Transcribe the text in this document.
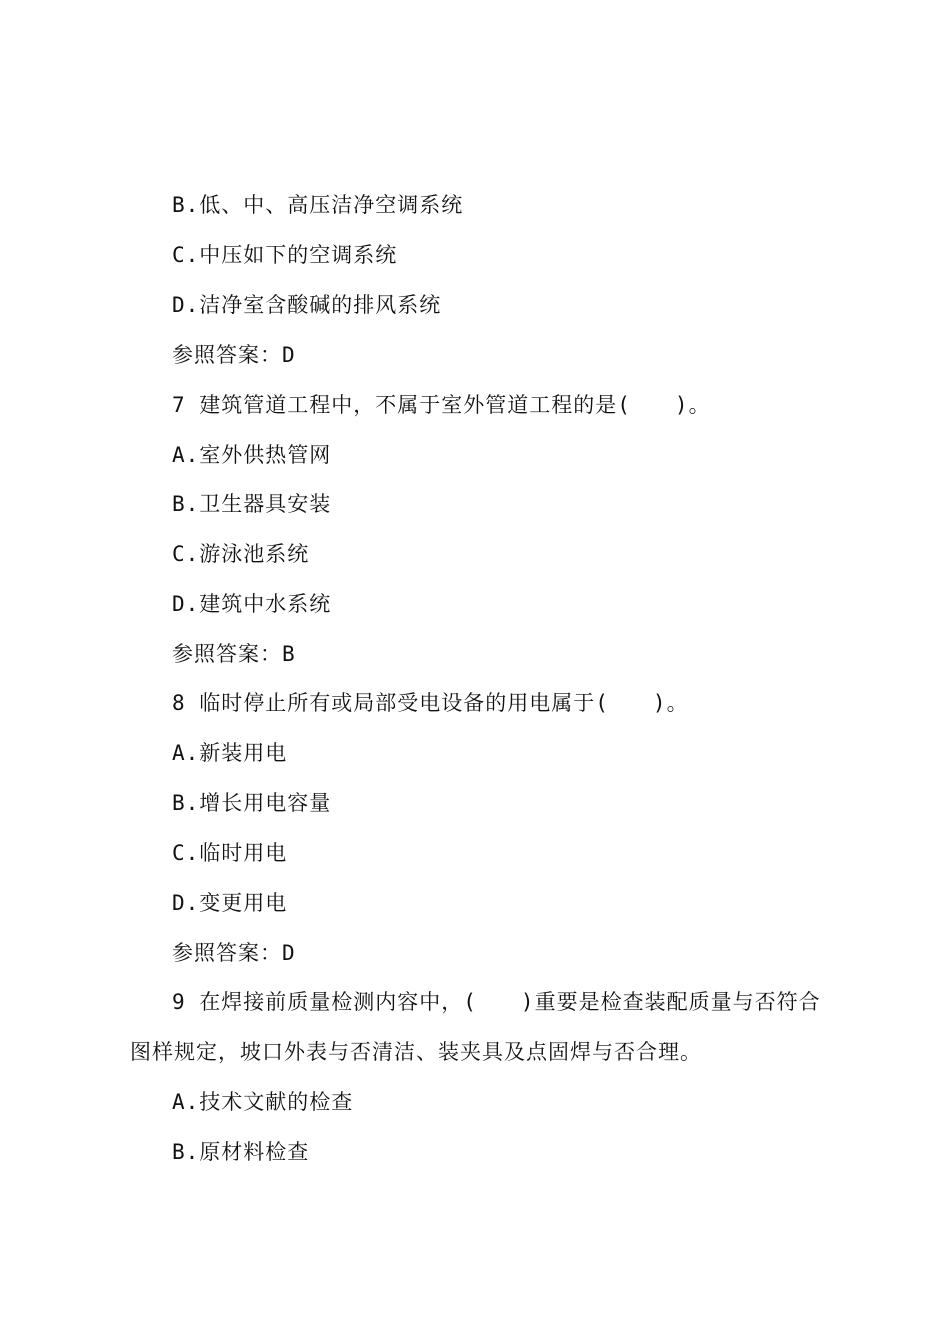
B.低、中、高压洁净空调系统
C.中压如下的空调系统
D.洁净室含酸碱的排风系统
参照答案：D
7 建筑管道工程中，不属于室外管道工程的是(　　)。
A.室外供热管网
B.卫生器具安装
C.游泳池系统
D.建筑中水系统
参照答案：B
8 临时停止所有或局部受电设备的用电属于(　　)。
A.新装用电
B.增长用电容量
C.临时用电
D.变更用电
参照答案：D
9 在焊接前质量检测内容中，(　　)重要是检查装配质量与否符合
图样规定，坡口外表与否清洁、装夹具及点固焊与否合理。
A.技术文献的检查
B.原材料检查
